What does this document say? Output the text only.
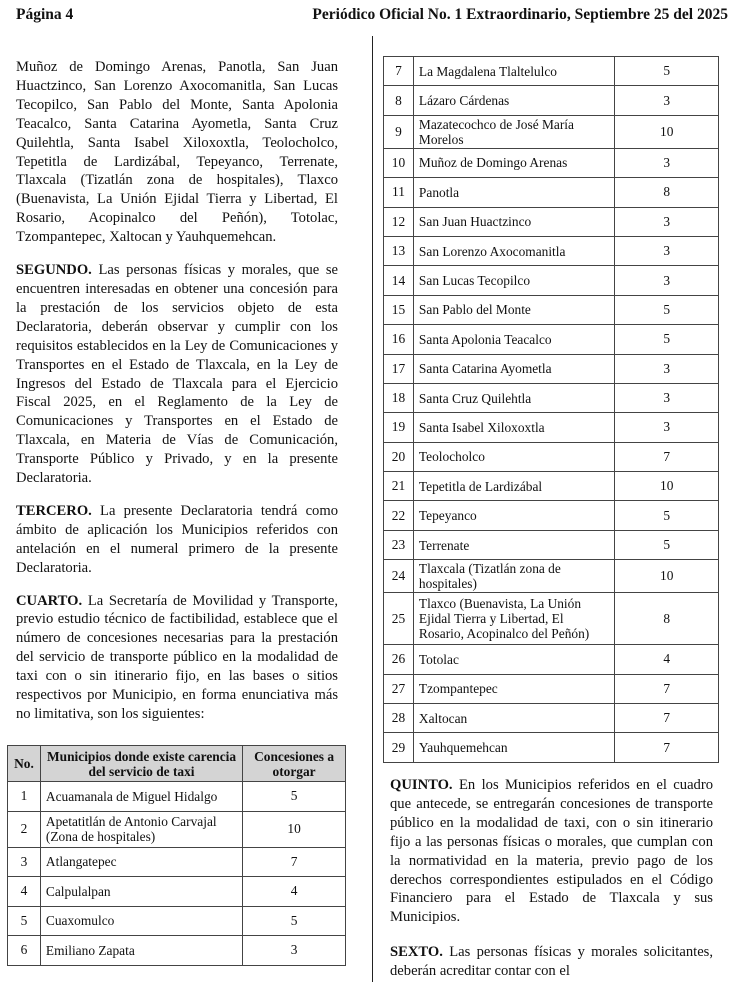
Página 4	Periódico Oficial No. 1 Extraordinario, Septiembre 25 del 2025

Muñoz de Domingo Arenas, Panotla, San Juan Huactzinco, San Lorenzo Axocomanitla, San Lucas Tecopilco, San Pablo del Monte, Santa Apolonia Teacalco, Santa Catarina Ayometla, Santa Cruz Quilehtla, Santa Isabel Xiloxoxtla, Teolocholco, Tepetitla de Lardizábal, Tepeyanco, Terrenate, Tlaxcala (Tizatlán zona de hospitales), Tlaxco (Buenavista, La Unión Ejidal Tierra y Libertad, El Rosario, Acopinalco del Peñón), Totolac, Tzompantepec, Xaltocan y Yauhquemehcan.

SEGUNDO. Las personas físicas y morales, que se encuentren interesadas en obtener una concesión para la prestación de los servicios objeto de esta Declaratoria, deberán observar y cumplir con los requisitos establecidos en la Ley de Comunicaciones y Transportes en el Estado de Tlaxcala, en la Ley de Ingresos del Estado de Tlaxcala para el Ejercicio Fiscal 2025, en el Reglamento de la Ley de Comunicaciones y Transportes en el Estado de Tlaxcala, en Materia de Vías de Comunicación, Transporte Público y Privado, y en la presente Declaratoria.

TERCERO. La presente Declaratoria tendrá como ámbito de aplicación los Municipios referidos con antelación en el numeral primero de la presente Declaratoria.

CUARTO. La Secretaría de Movilidad y Transporte, previo estudio técnico de factibilidad, establece que el número de concesiones necesarias para la prestación del servicio de transporte público en la modalidad de taxi con o sin itinerario fijo, en las bases o sitios respectivos por Municipio, en forma enunciativa más no limitativa, son los siguientes:

No.	Municipios donde existe carencia del servicio de taxi	Concesiones a otorgar
1	Acuamanala de Miguel Hidalgo	5
2	Apetatitlán de Antonio Carvajal (Zona de hospitales)	10
3	Atlangatepec	7
4	Calpulalpan	4
5	Cuaxomulco	5
6	Emiliano Zapata	3
7	La Magdalena Tlaltelulco	5
8	Lázaro Cárdenas	3
9	Mazatecochco de José María Morelos	10
10	Muñoz de Domingo Arenas	3
11	Panotla	8
12	San Juan Huactzinco	3
13	San Lorenzo Axocomanitla	3
14	San Lucas Tecopilco	3
15	San Pablo del Monte	5
16	Santa Apolonia Teacalco	5
17	Santa Catarina Ayometla	3
18	Santa Cruz Quilehtla	3
19	Santa Isabel Xiloxoxtla	3
20	Teolocholco	7
21	Tepetitla de Lardizábal	10
22	Tepeyanco	5
23	Terrenate	5
24	Tlaxcala (Tizatlán zona de hospitales)	10
25	Tlaxco (Buenavista, La Unión Ejidal Tierra y Libertad, El Rosario, Acopinalco del Peñón)	8
26	Totolac	4
27	Tzompantepec	7
28	Xaltocan	7
29	Yauhquemehcan	7

QUINTO. En los Municipios referidos en el cuadro que antecede, se entregarán concesiones de transporte público en la modalidad de taxi, con o sin itinerario fijo a las personas físicas o morales, que cumplan con la normatividad en la materia, previo pago de los derechos correspondientes estipulados en el Código Financiero para el Estado de Tlaxcala y sus Municipios.

SEXTO. Las personas físicas y morales solicitantes, deberán acreditar contar con el
